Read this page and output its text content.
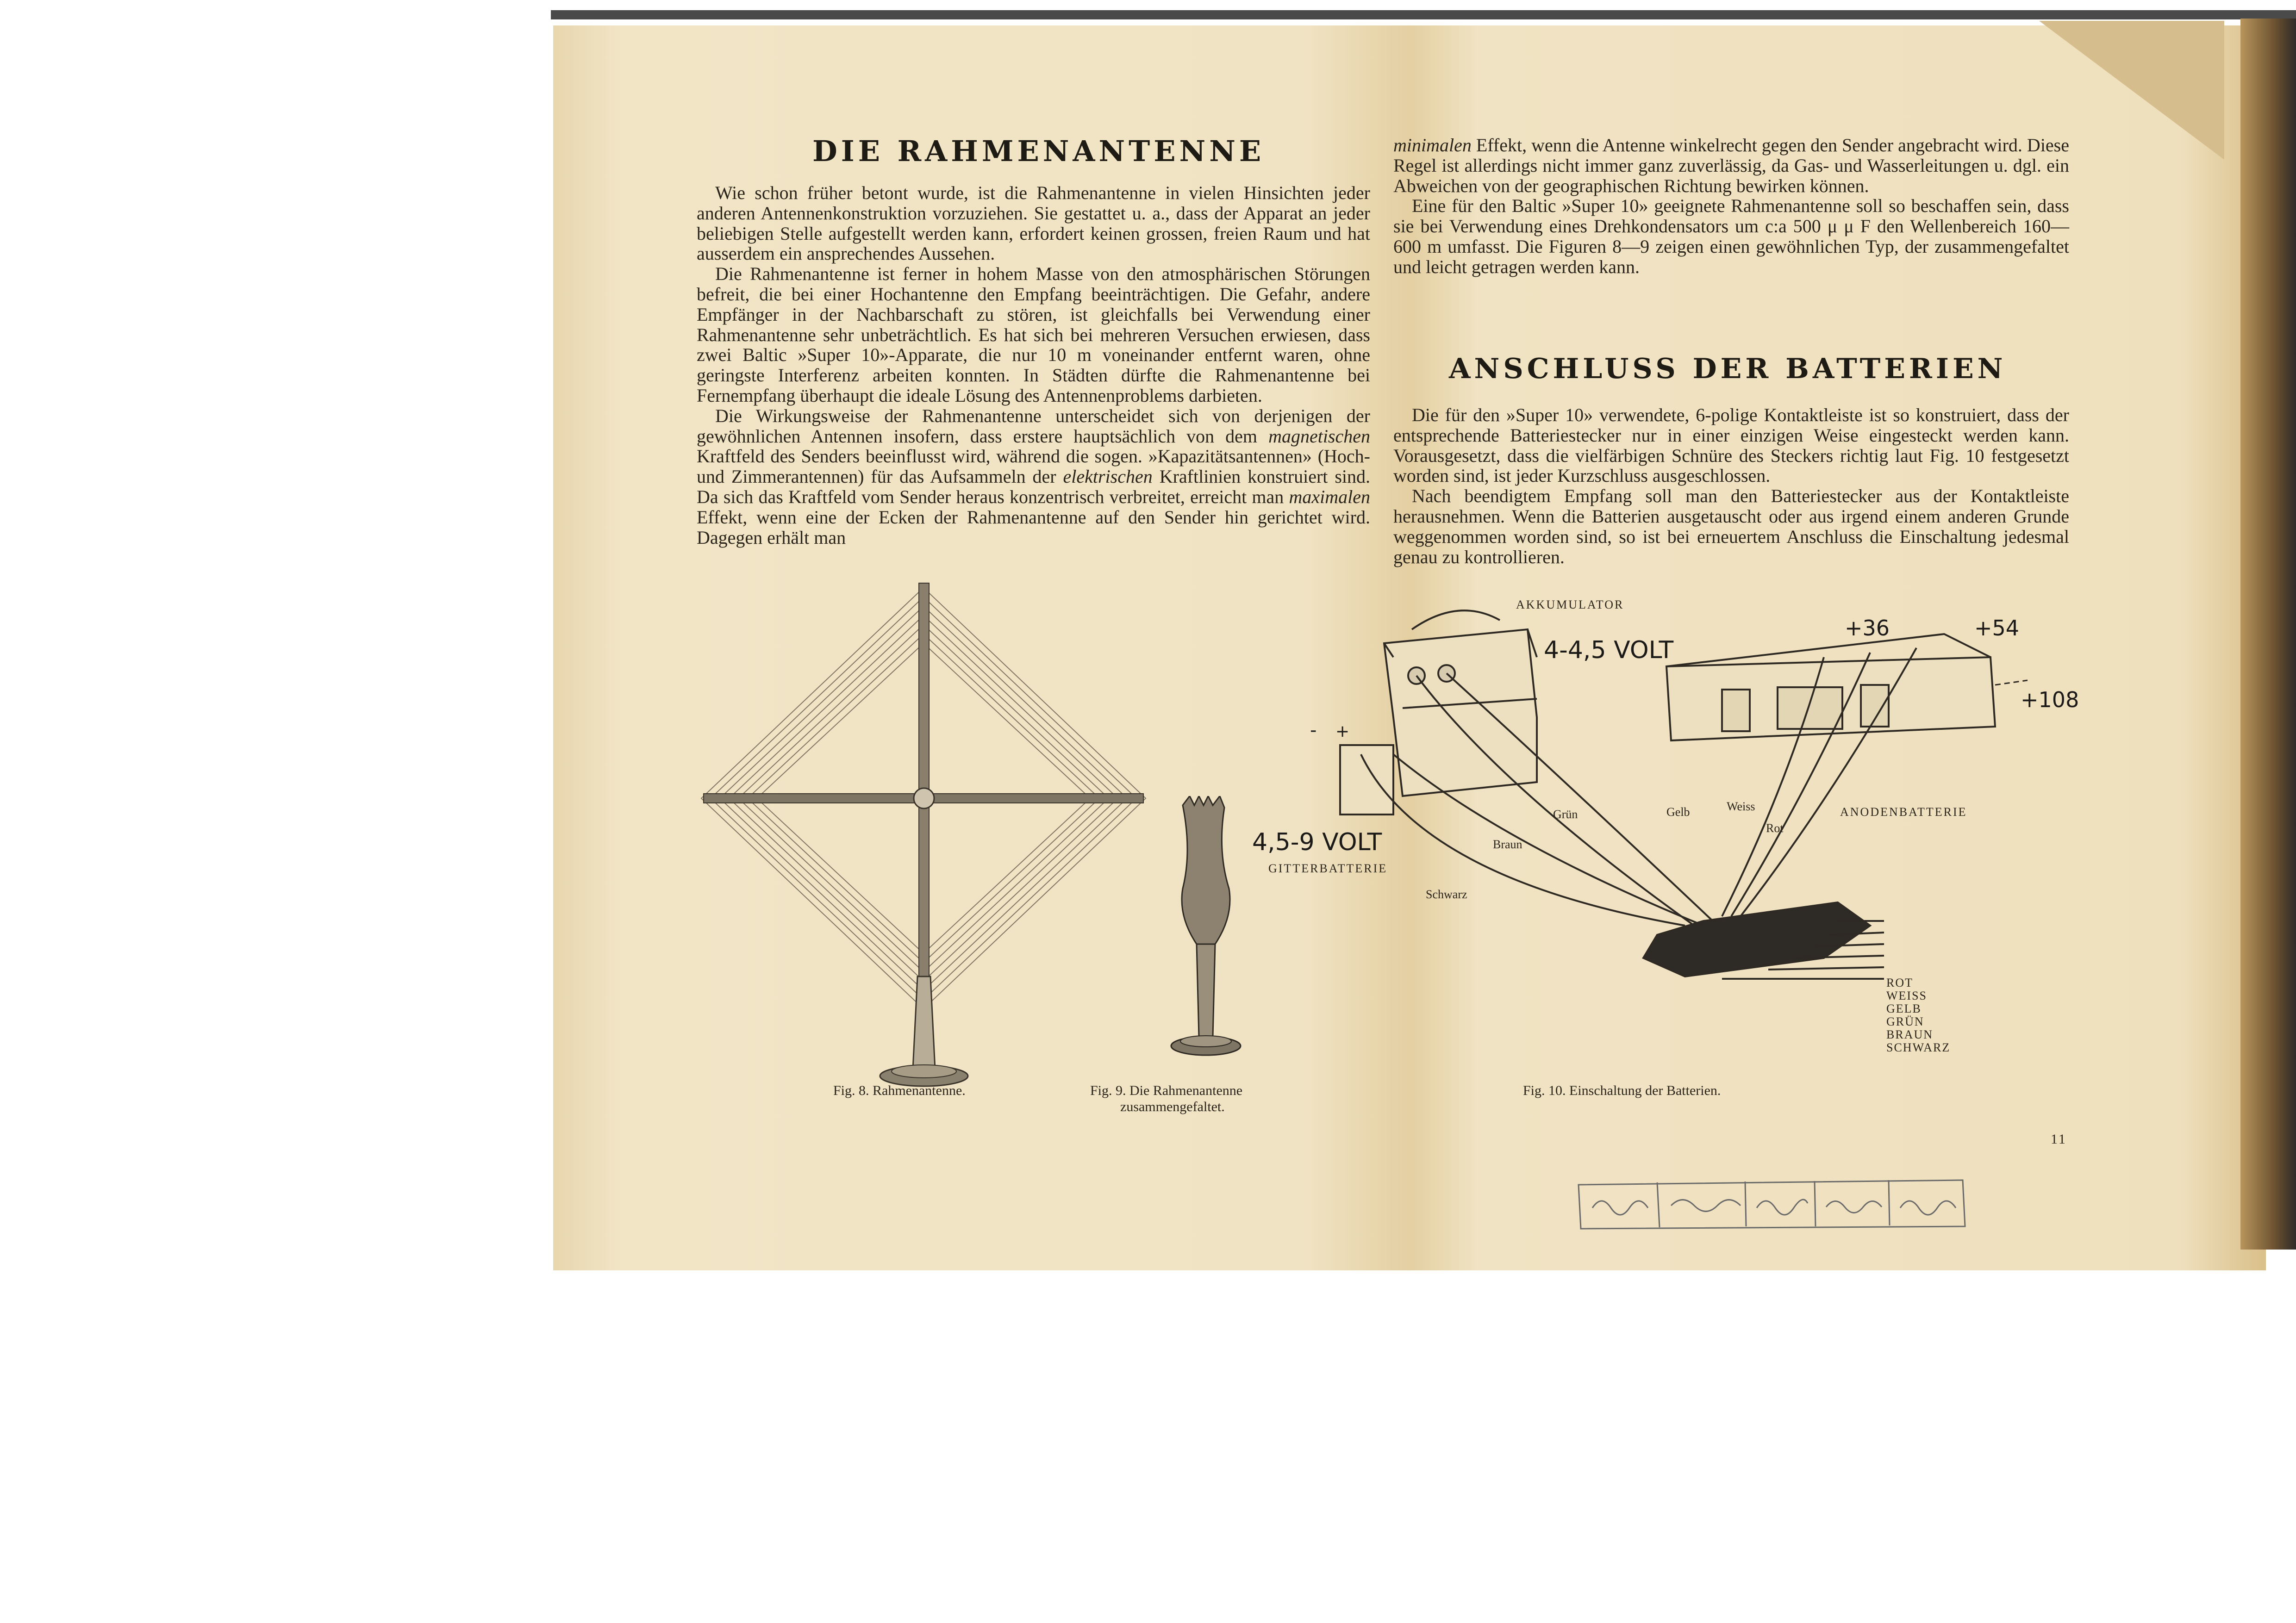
DIE RAHMENANTENNE

Wie schon früher betont wurde, ist die Rahmenantenne in vielen Hinsichten jeder anderen Antennenkonstruktion vorzuziehen. Sie gestattet u. a., dass der Apparat an jeder beliebigen Stelle aufgestellt werden kann, erfordert keinen grossen, freien Raum und hat ausserdem ein ansprechendes Aussehen.

Die Rahmenantenne ist ferner in hohem Masse von den atmosphärischen Störungen befreit, die bei einer Hochantenne den Empfang beeinträchtigen. Die Gefahr, andere Empfänger in der Nachbarschaft zu stören, ist gleichfalls bei Verwendung einer Rahmenantenne sehr unbeträchtlich. Es hat sich bei mehreren Versuchen erwiesen, dass zwei Baltic »Super 10»-Apparate, die nur 10 m voneinander entfernt waren, ohne geringste Interferenz arbeiten konnten. In Städten dürfte die Rahmenantenne bei Fernempfang überhaupt die ideale Lösung des Antennenproblems darbieten.

Die Wirkungsweise der Rahmenantenne unterscheidet sich von derjenigen der gewöhnlichen Antennen insofern, dass erstere hauptsächlich von dem magnetischen Kraftfeld des Senders beeinflusst wird, während die sogen. »Kapazitätsantennen» (Hoch- und Zimmerantennen) für das Aufsammeln der elektrischen Kraftlinien konstruiert sind. Da sich das Kraftfeld vom Sender heraus konzentrisch verbreitet, erreicht man maximalen Effekt, wenn eine der Ecken der Rahmenantenne auf den Sender hin gerichtet wird. Dagegen erhält man

Fig. 8. Rahmenantenne.	Fig. 9. Die Rahmenantenne
zusammengefaltet.

minimalen Effekt, wenn die Antenne winkelrecht gegen den Sender angebracht wird. Diese Regel ist allerdings nicht immer ganz zuverlässig, da Gas- und Wasserleitungen u. dgl. ein Abweichen von der geographischen Richtung bewirken können.

Eine für den Baltic »Super 10» geeignete Rahmenantenne soll so beschaffen sein, dass sie bei Verwendung eines Drehkondensators um c:a 500 μ μ F den Wellenbereich 160—600 m umfasst. Die Figuren 8—9 zeigen einen gewöhnlichen Typ, der zusammengefaltet und leicht getragen werden kann.

ANSCHLUSS DER BATTERIEN

Die für den »Super 10» verwendete, 6-polige Kontaktleiste ist so konstruiert, dass der entsprechende Batteriestecker nur in einer einzigen Weise eingesteckt werden kann. Vorausgesetzt, dass die vielfärbigen Schnüre des Steckers richtig laut Fig. 10 festgesetzt worden sind, ist jeder Kurzschluss ausgeschlossen.

Nach beendigtem Empfang soll man den Batteriestecker aus der Kontaktleiste herausnehmen. Wenn die Batterien ausgetauscht oder aus irgend einem anderen Grunde weggenommen worden sind, so ist bei erneuertem Anschluss die Einschaltung jedesmal genau zu kontrollieren.

AKKUMULATOR
4-4,5 VOLT
+36	+54
+108
- +
4,5-9 VOLT
GITTERBATTERIE
ANODENBATTERIE
Grün	Gelb	Weiss
Rot
Braun
Schwarz
ROT
WEISS
GELB
GRÜN
BRAUN
SCHWARZ
Fig. 10. Einschaltung der Batterien.
11
